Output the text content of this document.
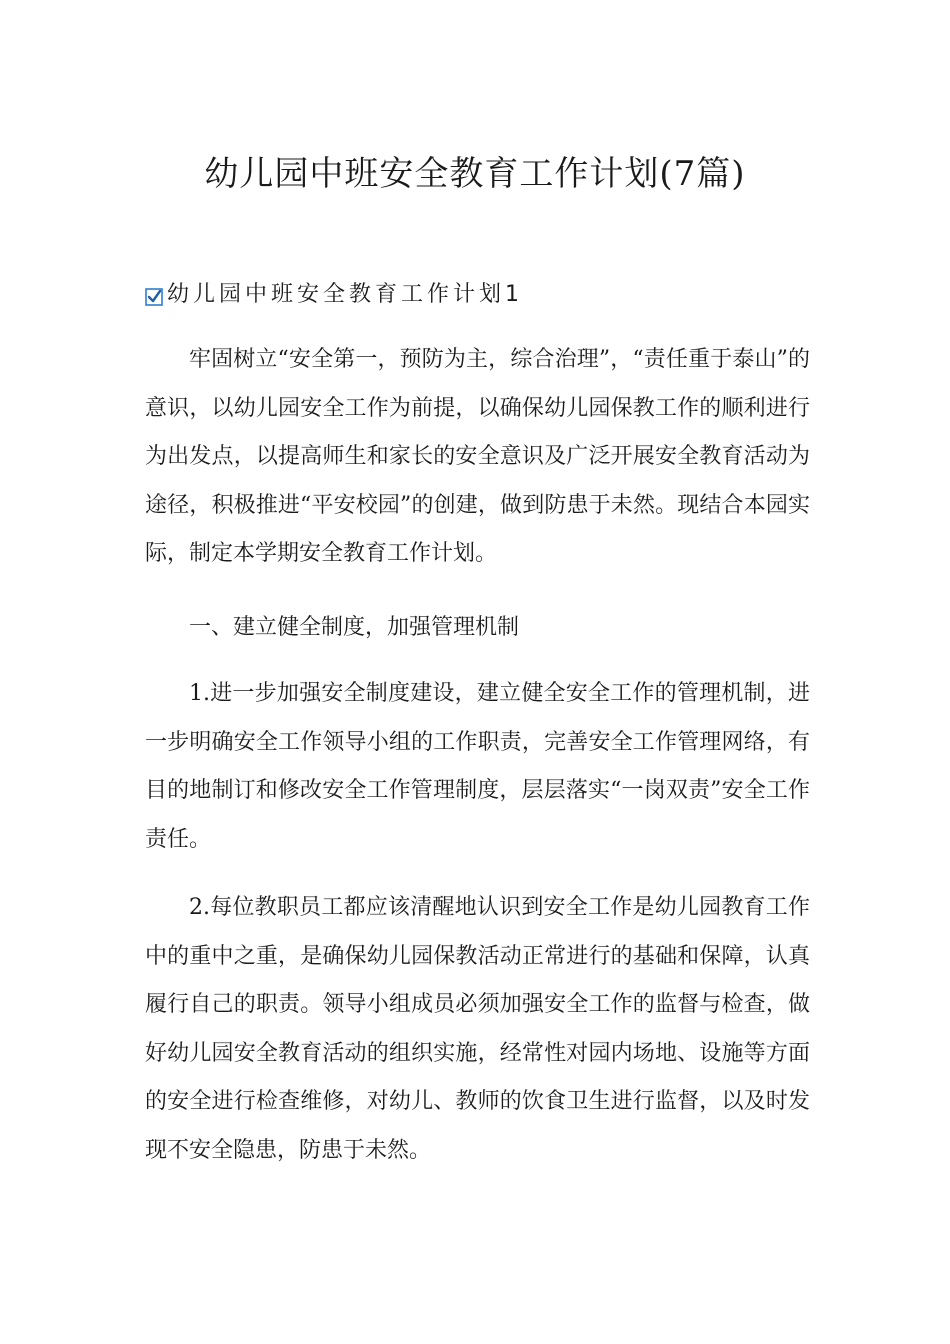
幼儿园中班安全教育工作计划(7篇)
幼儿园中班安全教育工作计划1

牢固树立“安全第一，预防为主，综合治理”，“责任重于泰山”的意识，以幼儿园安全工作为前提，以确保幼儿园保教工作的顺利进行为出发点，以提高师生和家长的安全意识及广泛开展安全教育活动为途径，积极推进“平安校园”的创建，做到防患于未然。现结合本园实际，制定本学期安全教育工作计划。

一、建立健全制度，加强管理机制

1.进一步加强安全制度建设，建立健全安全工作的管理机制，进一步明确安全工作领导小组的工作职责，完善安全工作管理网络，有目的地制订和修改安全工作管理制度，层层落实“一岗双责”安全工作责任。

2.每位教职员工都应该清醒地认识到安全工作是幼儿园教育工作中的重中之重，是确保幼儿园保教活动正常进行的基础和保障，认真履行自己的职责。领导小组成员必须加强安全工作的监督与检查，做好幼儿园安全教育活动的组织实施，经常性对园内场地、设施等方面的安全进行检查维修，对幼儿、教师的饮食卫生进行监督，以及时发现不安全隐患，防患于未然。
